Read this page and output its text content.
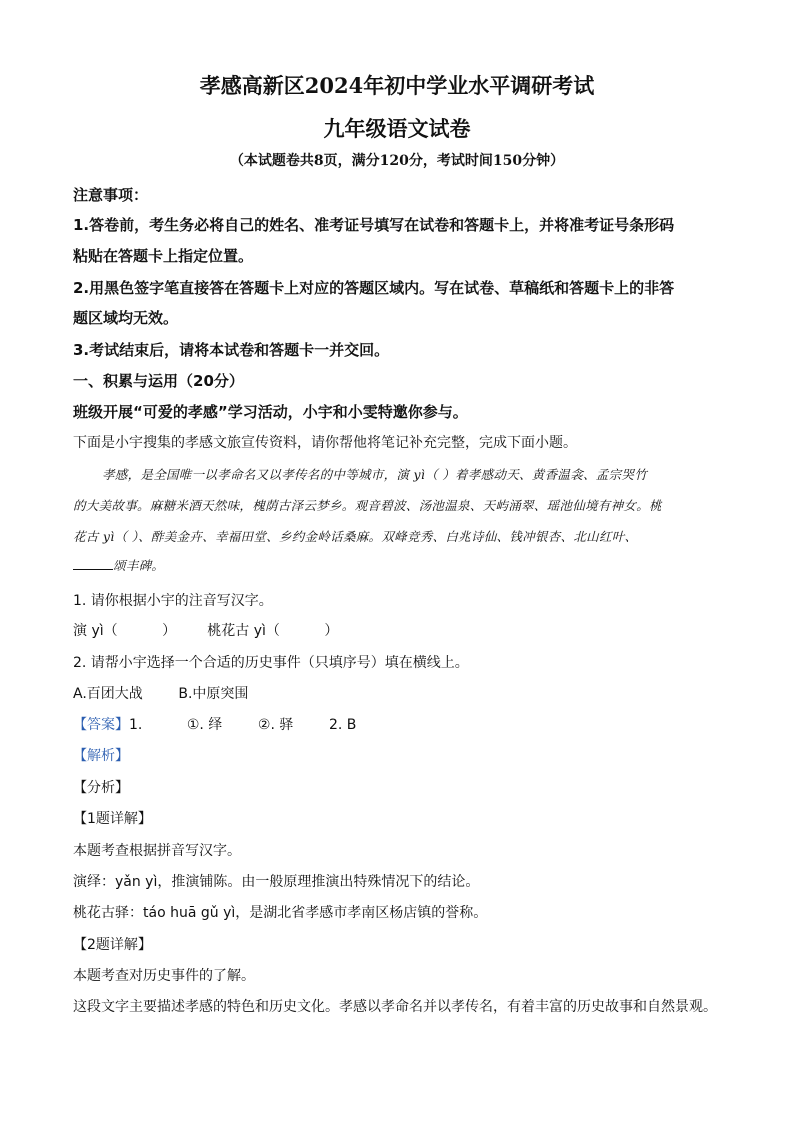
孝感高新区2024年初中学业水平调研考试
九年级语文试卷
（本试题卷共8页，满分120分，考试时间150分钟）
注意事项：
1.答卷前，考生务必将自己的姓名、准考证号填写在试卷和答题卡上，并将准考证号条形码
粘贴在答题卡上指定位置。
2.用黑色签字笔直接答在答题卡上对应的答题区域内。写在试卷、草稿纸和答题卡上的非答
题区域均无效。
3.考试结束后，请将本试卷和答题卡一并交回。
一、积累与运用（20分）
班级开展“可爱的孝感”学习活动，小宇和小雯特邀你参与。
下面是小宇搜集的孝感文旅宣传资料，请你帮他将笔记补充完整，完成下面小题。
孝感，是全国唯一以孝命名又以孝传名的中等城市，演 yì（ ）着孝感动天、黄香温衾、孟宗哭竹
的大美故事。麻糖米酒天然味，槐荫古泽云梦乡。观音碧波、汤池温泉、天屿涌翠、瑶池仙境有神女。桃
花古 yì（ ）、酢美金卉、幸福田堂、乡约金岭话桑麻。双峰竞秀、白兆诗仙、钱冲银杏、北山红叶、
颂丰碑。
1. 请你根据小宇的注音写汉字。
演 yì（          ）       桃花古 yì（          ）
2. 请帮小宇选择一个合适的历史事件（只填序号）填在横线上。
A.百团大战        B.中原突围
【答案】1.          ①. 绎        ②. 驿        2. B
【解析】
【分析】
【1题详解】
本题考查根据拼音写汉字。
演绎：yǎn yì，推演铺陈。由一般原理推演出特殊情况下的结论。
桃花古驿：táo huā gǔ yì，是湖北省孝感市孝南区杨店镇的誉称。
【2题详解】
本题考查对历史事件的了解。
这段文字主要描述孝感的特色和历史文化。孝感以孝命名并以孝传名，有着丰富的历史故事和自然景观。
